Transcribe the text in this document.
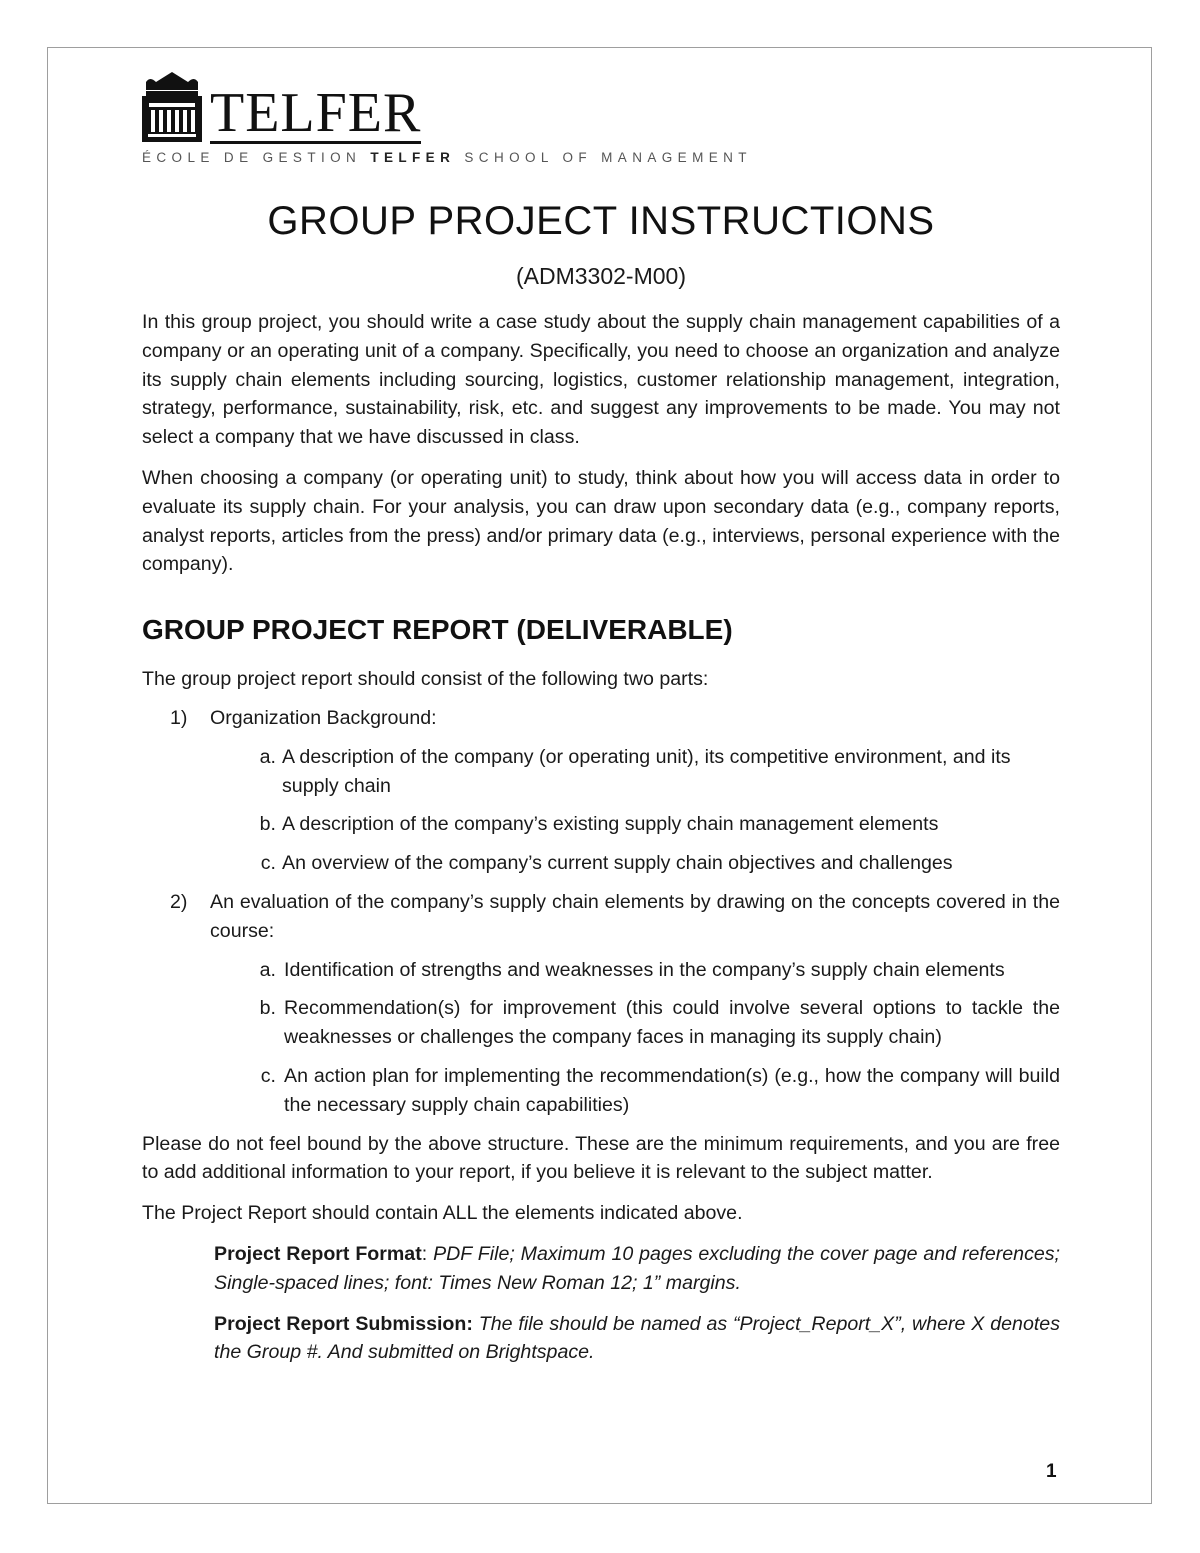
TELFER
ÉCOLE DE GESTION TELFER SCHOOL OF MANAGEMENT
GROUP PROJECT INSTRUCTIONS
(ADM3302-M00)

In this group project, you should write a case study about the supply chain management capabilities of a company or an operating unit of a company. Specifically, you need to choose an organization and analyze its supply chain elements including sourcing, logistics, customer relationship management, integration, strategy, performance, sustainability, risk, etc. and suggest any improvements to be made. You may not select a company that we have discussed in class.

When choosing a company (or operating unit) to study, think about how you will access data in order to evaluate its supply chain. For your analysis, you can draw upon secondary data (e.g., company reports, analyst reports, articles from the press) and/or primary data (e.g., interviews, personal experience with the company).

GROUP PROJECT REPORT (DELIVERABLE)

The group project report should consist of the following two parts:

1)	Organization Background:
a. A description of the company (or operating unit), its competitive environment, and its supply chain
b. A description of the company’s existing supply chain management elements
c. An overview of the company’s current supply chain objectives and challenges
2)	An evaluation of the company’s supply chain elements by drawing on the concepts covered in the course:
a. Identification of strengths and weaknesses in the company’s supply chain elements
b. Recommendation(s) for improvement (this could involve several options to tackle the weaknesses or challenges the company faces in managing its supply chain)
c. An action plan for implementing the recommendation(s) (e.g., how the company will build the necessary supply chain capabilities)

Please do not feel bound by the above structure. These are the minimum requirements, and you are free to add additional information to your report, if you believe it is relevant to the subject matter.

The Project Report should contain ALL the elements indicated above.

Project Report Format: PDF File; Maximum 10 pages excluding the cover page and references; Single-spaced lines; font: Times New Roman 12; 1” margins.

Project Report Submission: The file should be named as “Project_Report_X”, where X denotes the Group #. And submitted on Brightspace.

1
